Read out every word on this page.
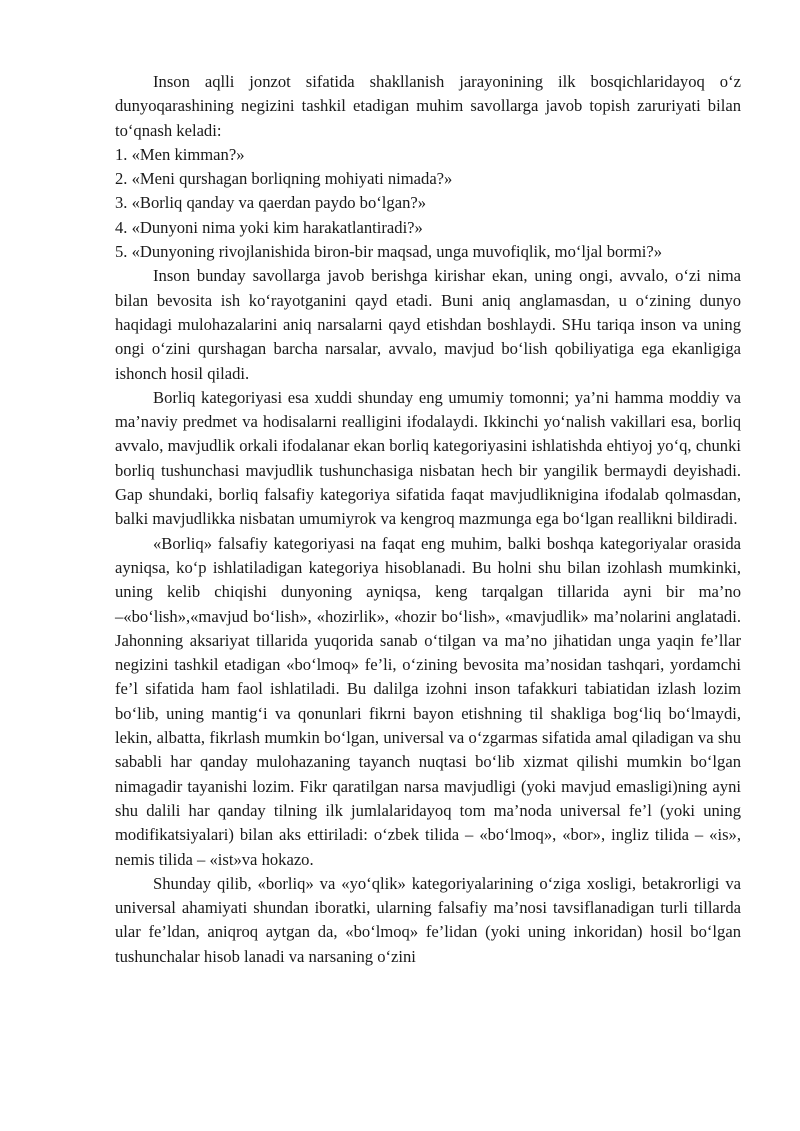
Inson aqlli jonzot sifatida shakllanish jarayonining ilk bosqichlaridayoq o‘z dunyoqarashining negizini tashkil etadigan muhim savollarga javob topish zaruriyati bilan to‘qnash keladi:

1. «Men kimman?»

2. «Meni qurshagan borliqning mohiyati nimada?»

3. «Borliq qanday va qaerdan paydo bo‘lgan?»

4. «Dunyoni nima yoki kim harakatlantiradi?»

5. «Dunyoning rivojlanishida biron-bir maqsad, unga muvofiqlik, mo‘ljal bormi?»

Inson bunday savollarga javob berishga kirishar ekan, uning ongi, avvalo, o‘zi nima bilan bevosita ish ko‘rayotganini qayd etadi. Buni aniq anglamasdan, u o‘zining dunyo haqidagi mulohazalarini aniq narsalarni qayd etishdan boshlaydi. SHu tariqa inson va uning ongi o‘zini qurshagan barcha narsalar, avvalo, mavjud bo‘lish qobiliyatiga ega ekanligiga ishonch hosil qiladi.

Borliq kategoriyasi esa xuddi shunday eng umumiy tomonni; ya’ni hamma moddiy va ma’naviy predmet va hodisalarni realligini ifodalaydi. Ikkinchi yo‘nalish vakillari esa, borliq avvalo, mavjudlik orkali ifodalanar ekan borliq kategoriyasini ishlatishda ehtiyoj yo‘q, chunki borliq tushunchasi mavjudlik tushunchasiga nisbatan hech bir yangilik bermaydi deyishadi. Gap shundaki, borliq falsafiy kategoriya sifatida faqat mavjudliknigina ifodalab qolmasdan, balki mavjudlikka nisbatan umumiyrok va kengroq mazmunga ega bo‘lgan reallikni bildiradi.

«Borliq» falsafiy kategoriyasi na faqat eng muhim, balki boshqa kategoriyalar orasida ayniqsa, ko‘p ishlatiladigan kategoriya hisoblanadi. Bu holni shu bilan izohlash mumkinki, uning kelib chiqishi dunyoning ayniqsa, keng tarqalgan tillarida ayni bir ma’no –«bo‘lish»,«mavjud bo‘lish», «hozirlik», «hozir bo‘lish», «mavjudlik» ma’nolarini anglatadi. Jahonning aksariyat tillarida yuqorida sanab o‘tilgan va ma’no jihatidan unga yaqin fe’llar negizini tashkil etadigan «bo‘lmoq» fe’li, o‘zining bevosita ma’nosidan tashqari, yordamchi fe’l sifatida ham faol ishlatiladi. Bu dalilga izohni inson tafakkuri tabiatidan izlash lozim bo‘lib, uning mantig‘i va qonunlari fikrni bayon etishning til shakliga bog‘liq bo‘lmaydi, lekin, albatta, fikrlash mumkin bo‘lgan, universal va o‘zgarmas sifatida amal qiladigan va shu sababli har qanday mulohazaning tayanch nuqtasi bo‘lib xizmat qilishi mumkin bo‘lgan nimagadir tayanishi lozim. Fikr qaratilgan narsa mavjudligi (yoki mavjud emasligi)ning ayni shu dalili har qanday tilning ilk jumlalaridayoq tom ma’noda universal fe’l (yoki uning modifikatsiyalari) bilan aks ettiriladi: o‘zbek tilida – «bo‘lmoq», «bor», ingliz tilida – «is», nemis tilida – «ist»va hokazo.

Shunday qilib, «borliq» va «yo‘qlik» kategoriyalarining o‘ziga xosligi, betakrorligi va universal ahamiyati shundan iboratki, ularning falsafiy ma’nosi tavsiflanadigan turli tillarda ular fe’ldan, aniqroq aytgan da, «bo‘lmoq» fe’lidan (yoki uning inkoridan) hosil bo‘lgan tushunchalar hisob lanadi va narsaning o‘zini
